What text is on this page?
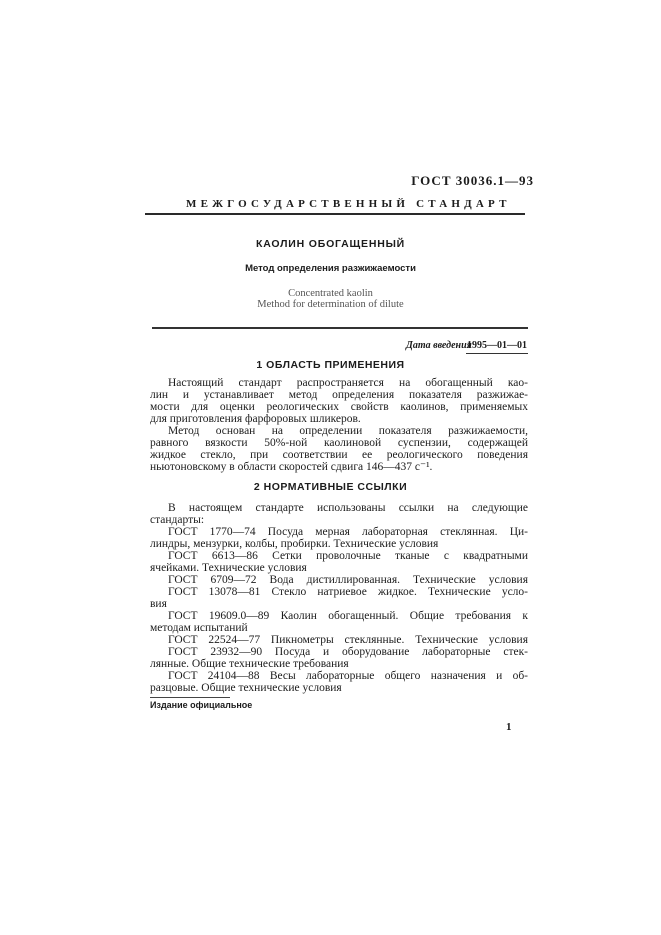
ГОСТ 30036.1—93
МЕЖГОСУДАРСТВЕННЫЙ СТАНДАРТ
КАОЛИН ОБОГАЩЕННЫЙ
Метод определения разжижаемости
Concentrated kaolin
Method for determination of dilute
Дата введения
1995—01—01
1 ОБЛАСТЬ ПРИМЕНЕНИЯ
Настоящий стандарт распространяется на обогащенный као-
лин и устанавливает метод определения показателя разжижае-
мости для оценки реологических свойств каолинов, применяемых
для приготовления фарфоровых шликеров.
Метод основан на определении показателя разжижаемости,
равного вязкости 50%-ной каолиновой суспензии, содержащей
жидкое стекло, при соответствии ее реологического поведения
ньютоновскому в области скоростей сдвига 146—437 с⁻¹.
2 НОРМАТИВНЫЕ ССЫЛКИ
В настоящем стандарте использованы ссылки на следующие
стандарты:
ГОСТ 1770—74 Посуда мерная лабораторная стеклянная. Ци-
линдры, мензурки, колбы, пробирки. Технические условия
ГОСТ 6613—86 Сетки проволочные тканые с квадратными
ячейками. Технические условия
ГОСТ 6709—72 Вода дистиллированная. Технические условия
ГОСТ 13078—81 Стекло натриевое жидкое. Технические усло-
вия
ГОСТ 19609.0—89 Каолин обогащенный. Общие требования к
методам испытаний
ГОСТ 22524—77 Пикнометры стеклянные. Технические условия
ГОСТ 23932—90 Посуда и оборудование лабораторные стек-
лянные. Общие технические требования
ГОСТ 24104—88 Весы лабораторные общего назначения и об-
разцовые. Общие технические условия
Издание официальное
1
